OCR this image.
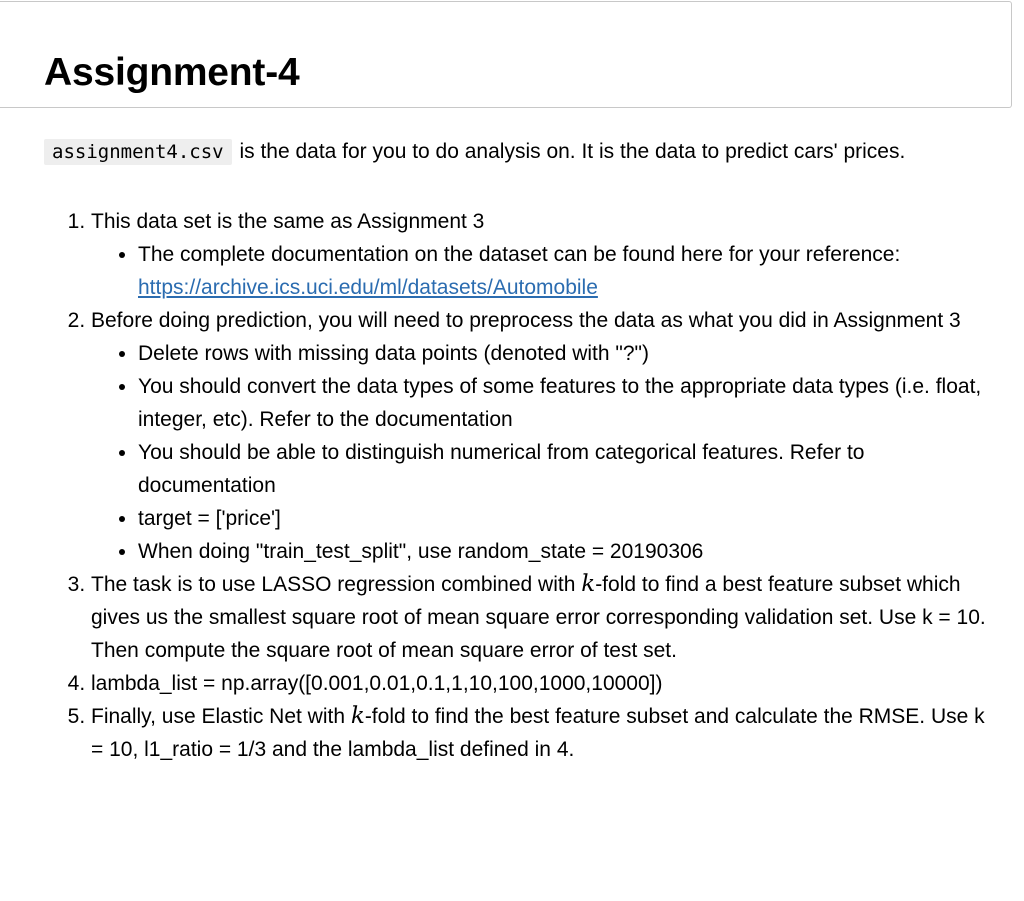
Assignment-4

assignment4.csv is the data for you to do analysis on. It is the data to predict cars' prices.

1. This data set is the same as Assignment 3
• The complete documentation on the dataset can be found here for your reference: https://archive.ics.uci.edu/ml/datasets/Automobile
2. Before doing prediction, you will need to preprocess the data as what you did in Assignment 3
• Delete rows with missing data points (denoted with "?")
• You should convert the data types of some features to the appropriate data types (i.e. float, integer, etc). Refer to the documentation
• You should be able to distinguish numerical from categorical features. Refer to documentation
• target = ['price']
• When doing "train_test_split", use random_state = 20190306
3. The task is to use LASSO regression combined with k-fold to find a best feature subset which gives us the smallest square root of mean square error corresponding validation set. Use k = 10. Then compute the square root of mean square error of test set.
4. lambda_list = np.array([0.001,0.01,0.1,1,10,100,1000,10000])
5. Finally, use Elastic Net with k-fold to find the best feature subset and calculate the RMSE. Use k = 10, l1_ratio = 1/3 and the lambda_list defined in 4.
